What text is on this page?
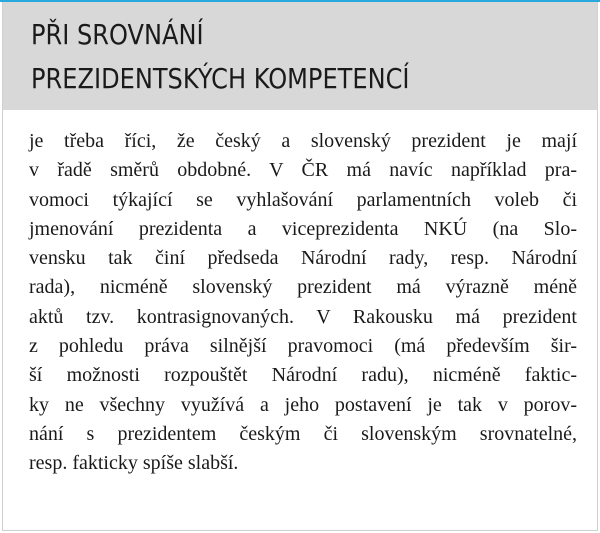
PŘI SROVNÁNÍ
PREZIDENTSKÝCH KOMPETENCÍ

je třeba říci, že český a slovenský prezident je mají
v řadě směrů obdobné. V ČR má navíc například pra-
vomoci týkající se vyhlašování parlamentních voleb či
jmenování prezidenta a viceprezidenta NKÚ (na Slo-
vensku tak činí předseda Národní rady, resp. Národní
rada), nicméně slovenský prezident má výrazně méně
aktů tzv. kontrasignovaných. V Rakousku má prezident
z pohledu práva silnější pravomoci (má především šir-
ší možnosti rozpouštět Národní radu), nicméně faktic-
ky ne všechny využívá a jeho postavení je tak v porov-
nání s prezidentem českým či slovenským srovnatelné,
resp. fakticky spíše slabší.
